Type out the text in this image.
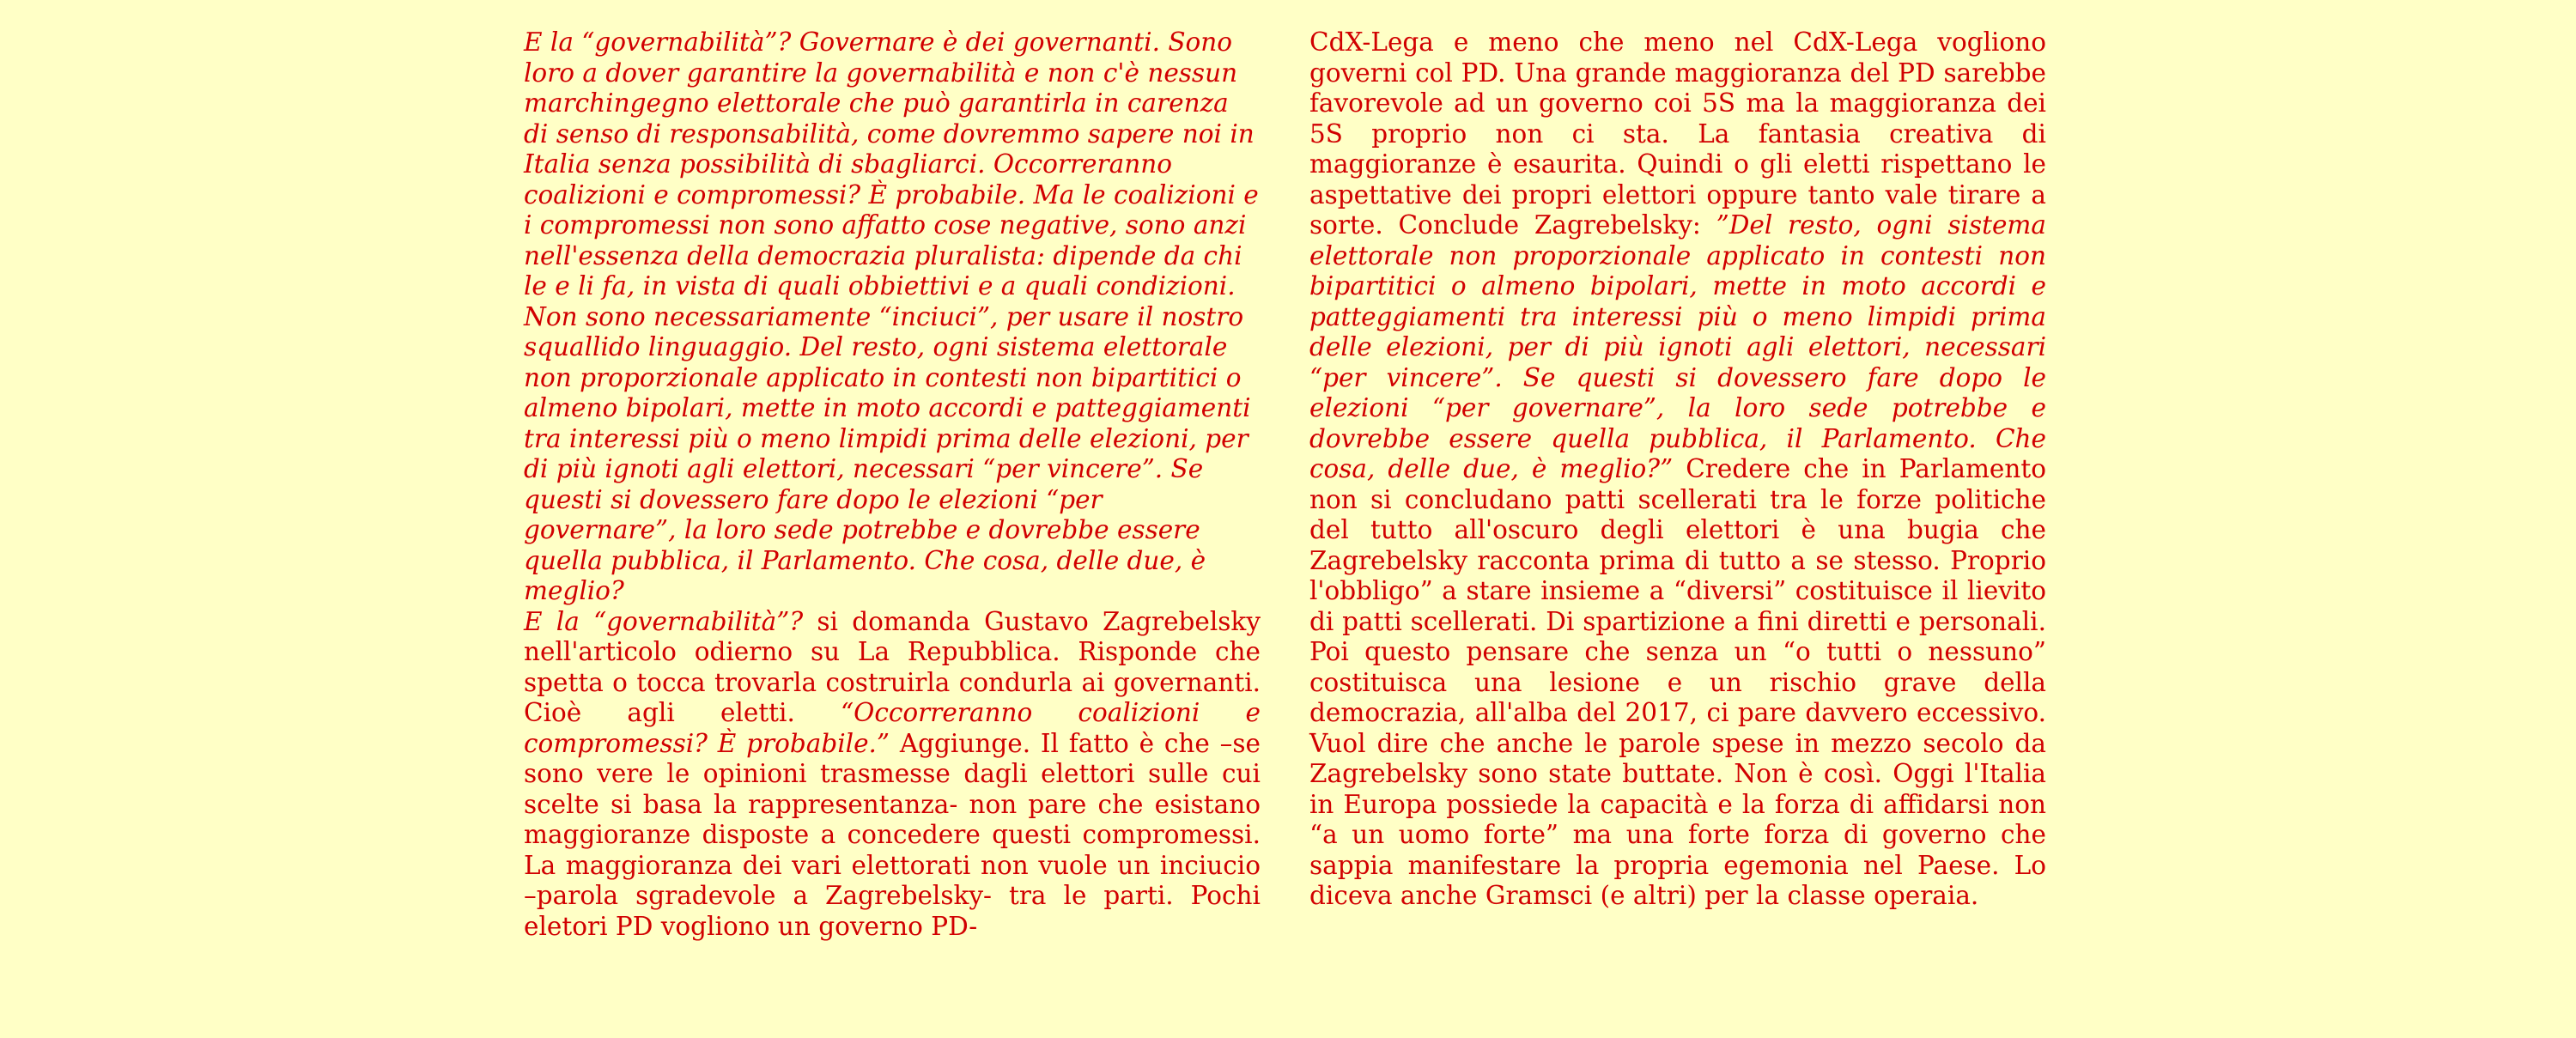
E la “governabilità”? Governare è dei governanti. Sono loro a dover garantire la governabilità e non c'è nessun marchingegno elettorale che può garantirla in carenza di senso di responsabilità, come dovremmo sapere noi in Italia senza possibilità di sbagliarci. Occorreranno coalizioni e compromessi? È probabile. Ma le coalizioni e i compromessi non sono affatto cose negative, sono anzi nell'essenza della democrazia pluralista: dipende da chi le e li fa, in vista di quali obbiettivi e a quali condizioni. Non sono necessariamente “inciuci”, per usare il nostro squallido linguaggio. Del resto, ogni sistema elettorale non proporzionale applicato in contesti non bipartitici o almeno bipolari, mette in moto accordi e patteggiamenti tra interessi più o meno limpidi prima delle elezioni, per di più ignoti agli elettori, necessari “per vincere”. Se questi si dovessero fare dopo le elezioni “per governare”, la loro sede potrebbe e dovrebbe essere quella pubblica, il Parlamento. Che cosa, delle due, è meglio?

E la “governabilità”? si domanda Gustavo Zagrebelsky nell'articolo odierno su La Repubblica. Risponde che spetta o tocca trovarla costruirla condurla ai governanti. Cioè agli eletti. “Occorreranno coalizioni e compromessi? È probabile.” Aggiunge. Il fatto è che –se sono vere le opinioni trasmesse dagli elettori sulle cui scelte si basa la rappresentanza- non pare che esistano maggioranze disposte a concedere questi compromessi. La maggioranza dei vari elettorati non vuole un inciucio –parola sgradevole a Zagrebelsky- tra le parti. Pochi eletori PD vogliono un governo PD-

CdX-Lega e meno che meno nel CdX-Lega vogliono governi col PD. Una grande maggioranza del PD sarebbe favorevole ad un governo coi 5S ma la maggioranza dei 5S proprio non ci sta. La fantasia creativa di maggioranze è esaurita. Quindi o gli eletti rispettano le aspettative dei propri elettori oppure tanto vale tirare a sorte. Conclude Zagrebelsky: ”Del resto, ogni sistema elettorale non proporzionale applicato in contesti non bipartitici o almeno bipolari, mette in moto accordi e patteggiamenti tra interessi più o meno limpidi prima delle elezioni, per di più ignoti agli elettori, necessari “per vincere”. Se questi si dovessero fare dopo le elezioni “per governare”, la loro sede potrebbe e dovrebbe essere quella pubblica, il Parlamento. Che cosa, delle due, è meglio?” Credere che in Parlamento non si concludano patti scellerati tra le forze politiche del tutto all'oscuro degli elettori è una bugia che Zagrebelsky racconta prima di tutto a se stesso. Proprio l'obbligo” a stare insieme a “diversi” costituisce il lievito di patti scellerati. Di spartizione a fini diretti e personali. Poi questo pensare che senza un “o tutti o nessuno” costituisca una lesione e un rischio grave della democrazia, all'alba del 2017, ci pare davvero eccessivo. Vuol dire che anche le parole spese in mezzo secolo da Zagrebelsky sono state buttate. Non è così. Oggi l'Italia in Europa possiede la capacità e la forza di affidarsi non “a un uomo forte” ma una forte forza di governo che sappia manifestare la propria egemonia nel Paese. Lo diceva anche Gramsci (e altri) per la classe operaia.
